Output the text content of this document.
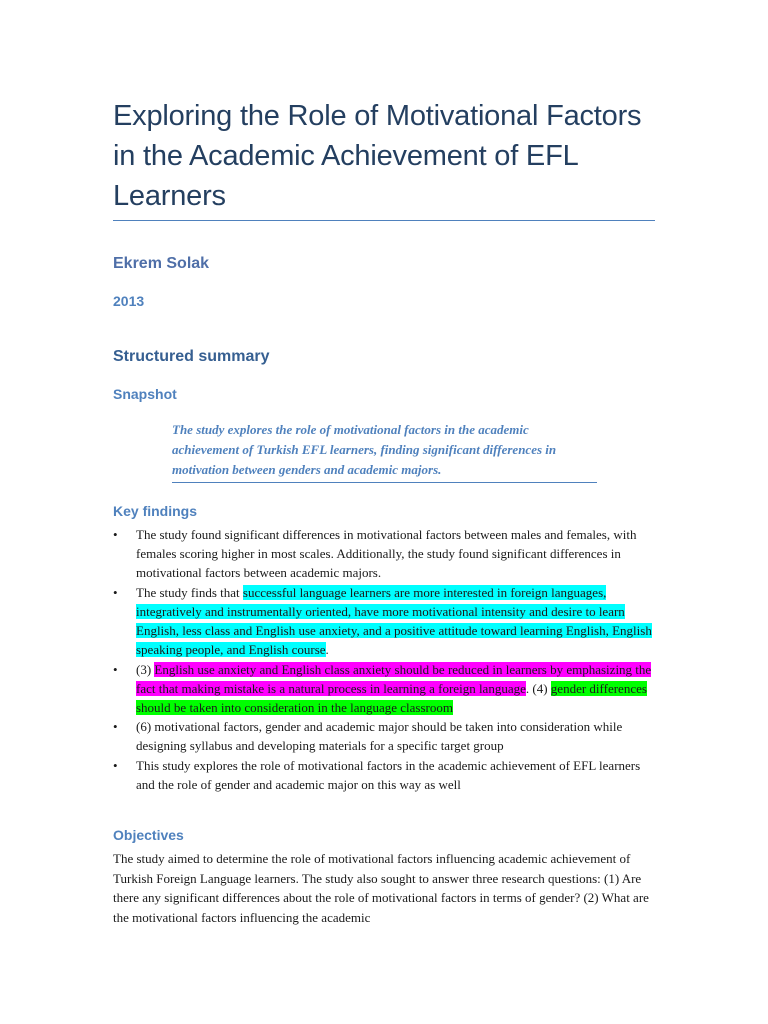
Exploring the Role of Motivational Factors in the Academic Achievement of EFL Learners
Ekrem Solak
2013
Structured summary
Snapshot

The study explores the role of motivational factors in the academic achievement of Turkish EFL learners, finding significant differences in motivation between genders and academic majors.

Key findings
•	The study found significant differences in motivational factors between males and females, with females scoring higher in most scales. Additionally, the study found significant differences in motivational factors between academic majors.
•	The study finds that successful language learners are more interested in foreign languages, integratively and instrumentally oriented, have more motivational intensity and desire to learn English, less class and English use anxiety, and a positive attitude toward learning English, English speaking people, and English course.
•	(3) English use anxiety and English class anxiety should be reduced in learners by emphasizing the fact that making mistake is a natural process in learning a foreign language. (4) gender differences should be taken into consideration in the language classroom
•	(6) motivational factors, gender and academic major should be taken into consideration while designing syllabus and developing materials for a specific target group
•	This study explores the role of motivational factors in the academic achievement of EFL learners and the role of gender and academic major on this way as well
Objectives

The study aimed to determine the role of motivational factors influencing academic achievement of Turkish Foreign Language learners. The study also sought to answer three research questions: (1) Are there any significant differences about the role of motivational factors in terms of gender? (2) What are the motivational factors influencing the academic
